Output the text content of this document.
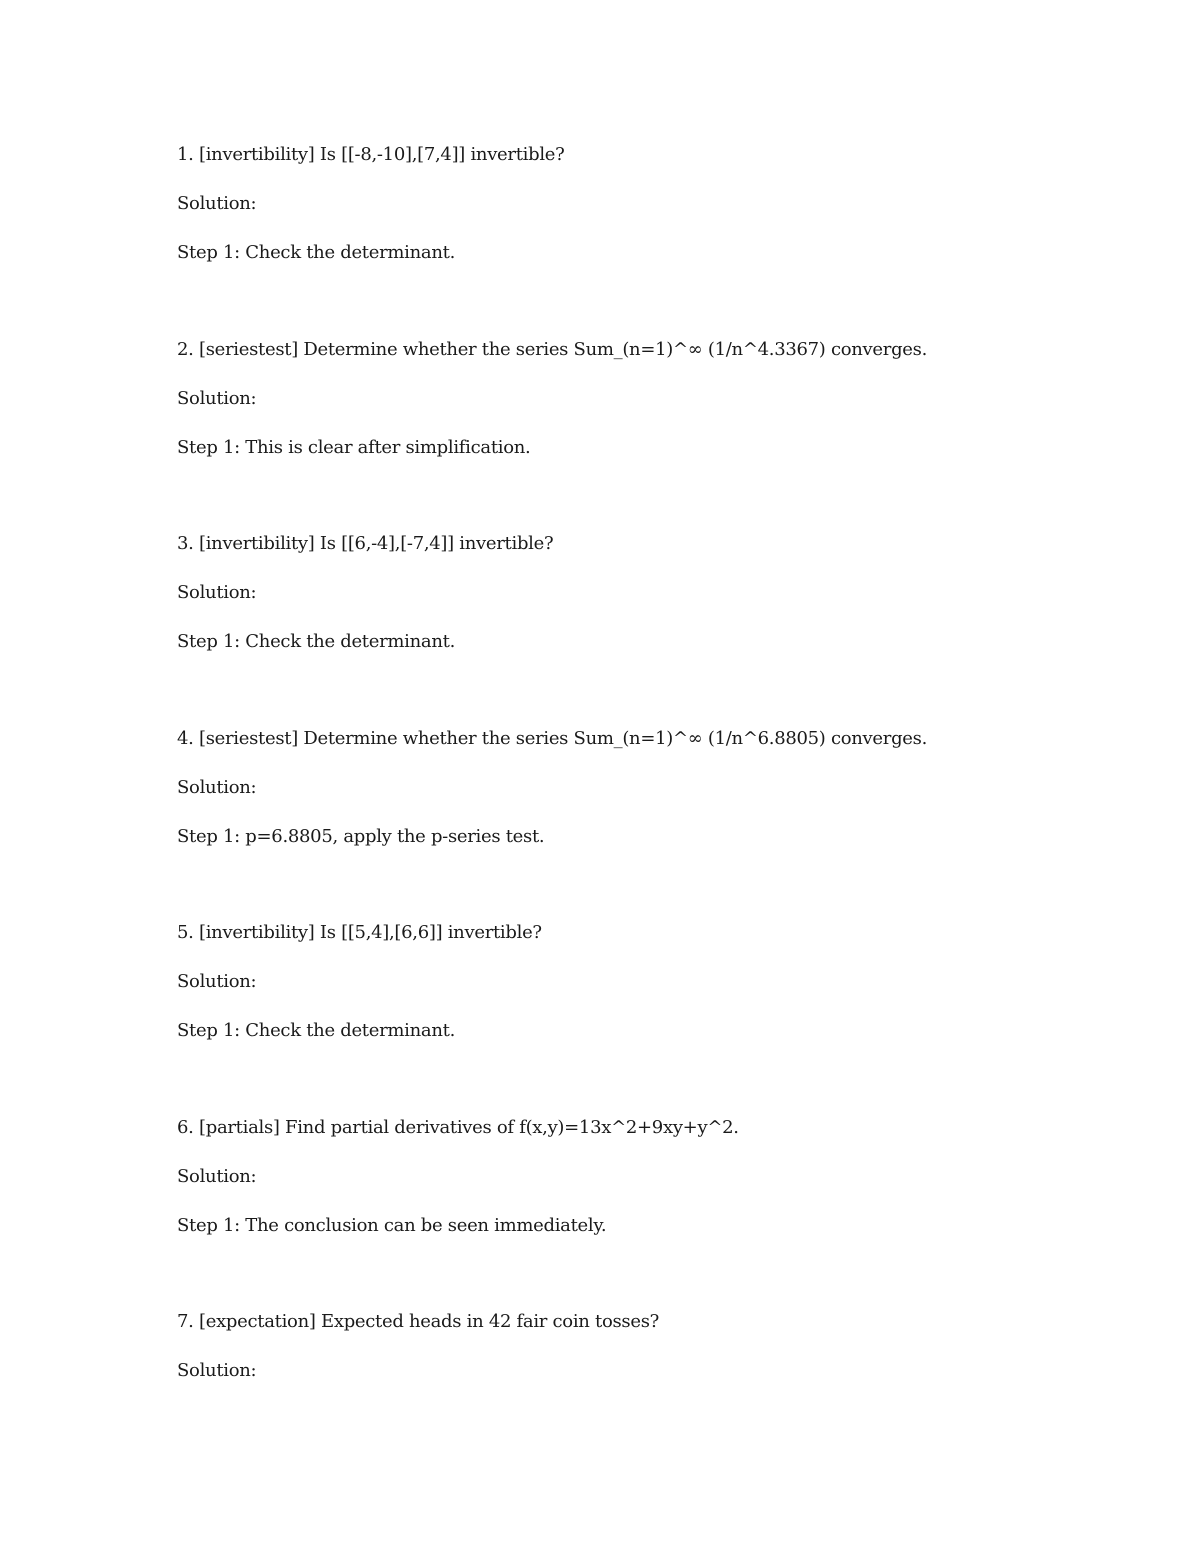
1. [invertibility] Is [[-8,-10],[7,4]] invertible?
Solution:
Step 1: Check the determinant.
2. [seriestest] Determine whether the series Sum_(n=1)^∞ (1/n^4.3367) converges.
Solution:
Step 1: This is clear after simplification.
3. [invertibility] Is [[6,-4],[-7,4]] invertible?
Solution:
Step 1: Check the determinant.
4. [seriestest] Determine whether the series Sum_(n=1)^∞ (1/n^6.8805) converges.
Solution:
Step 1: p=6.8805, apply the p-series test.
5. [invertibility] Is [[5,4],[6,6]] invertible?
Solution:
Step 1: Check the determinant.
6. [partials] Find partial derivatives of f(x,y)=13x^2+9xy+y^2.
Solution:
Step 1: The conclusion can be seen immediately.
7. [expectation] Expected heads in 42 fair coin tosses?
Solution:
